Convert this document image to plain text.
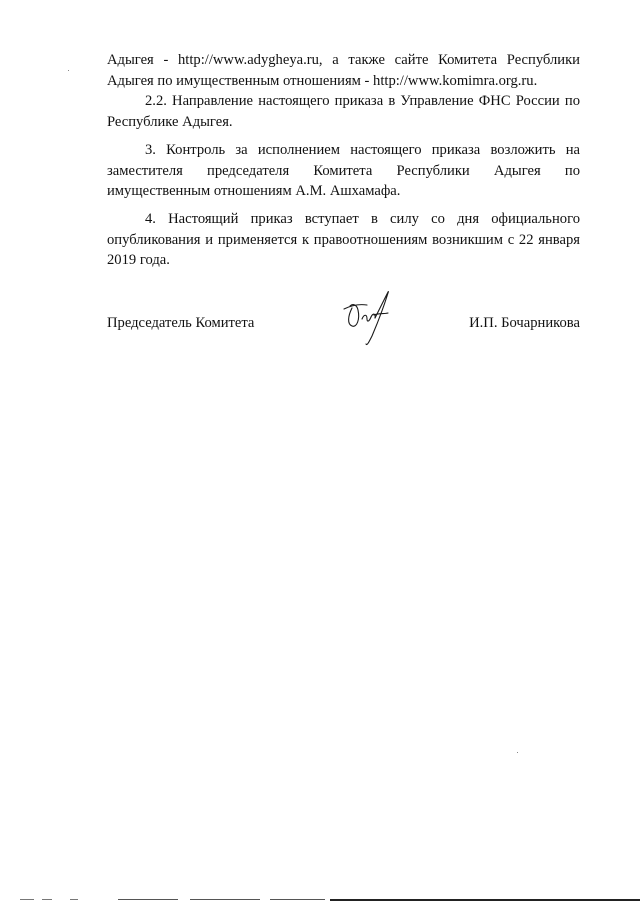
Адыгея - http://www.adygheya.ru, а также сайте Комитета Республики Адыгея по имущественным отношениям - http://www.komimra.org.ru.

2.2. Направление настоящего приказа в Управление ФНС России по Республике Адыгея.

3. Контроль за исполнением настоящего приказа возложить на заместителя председателя Комитета Республики Адыгея по имущественным отношениям А.М. Ашхамафа.

4. Настоящий приказ вступает в силу со дня официального опубликования и применяется к правоотношениям возникшим с 22 января 2019 года.

Председатель Комитета	И.П. Бочарникова
